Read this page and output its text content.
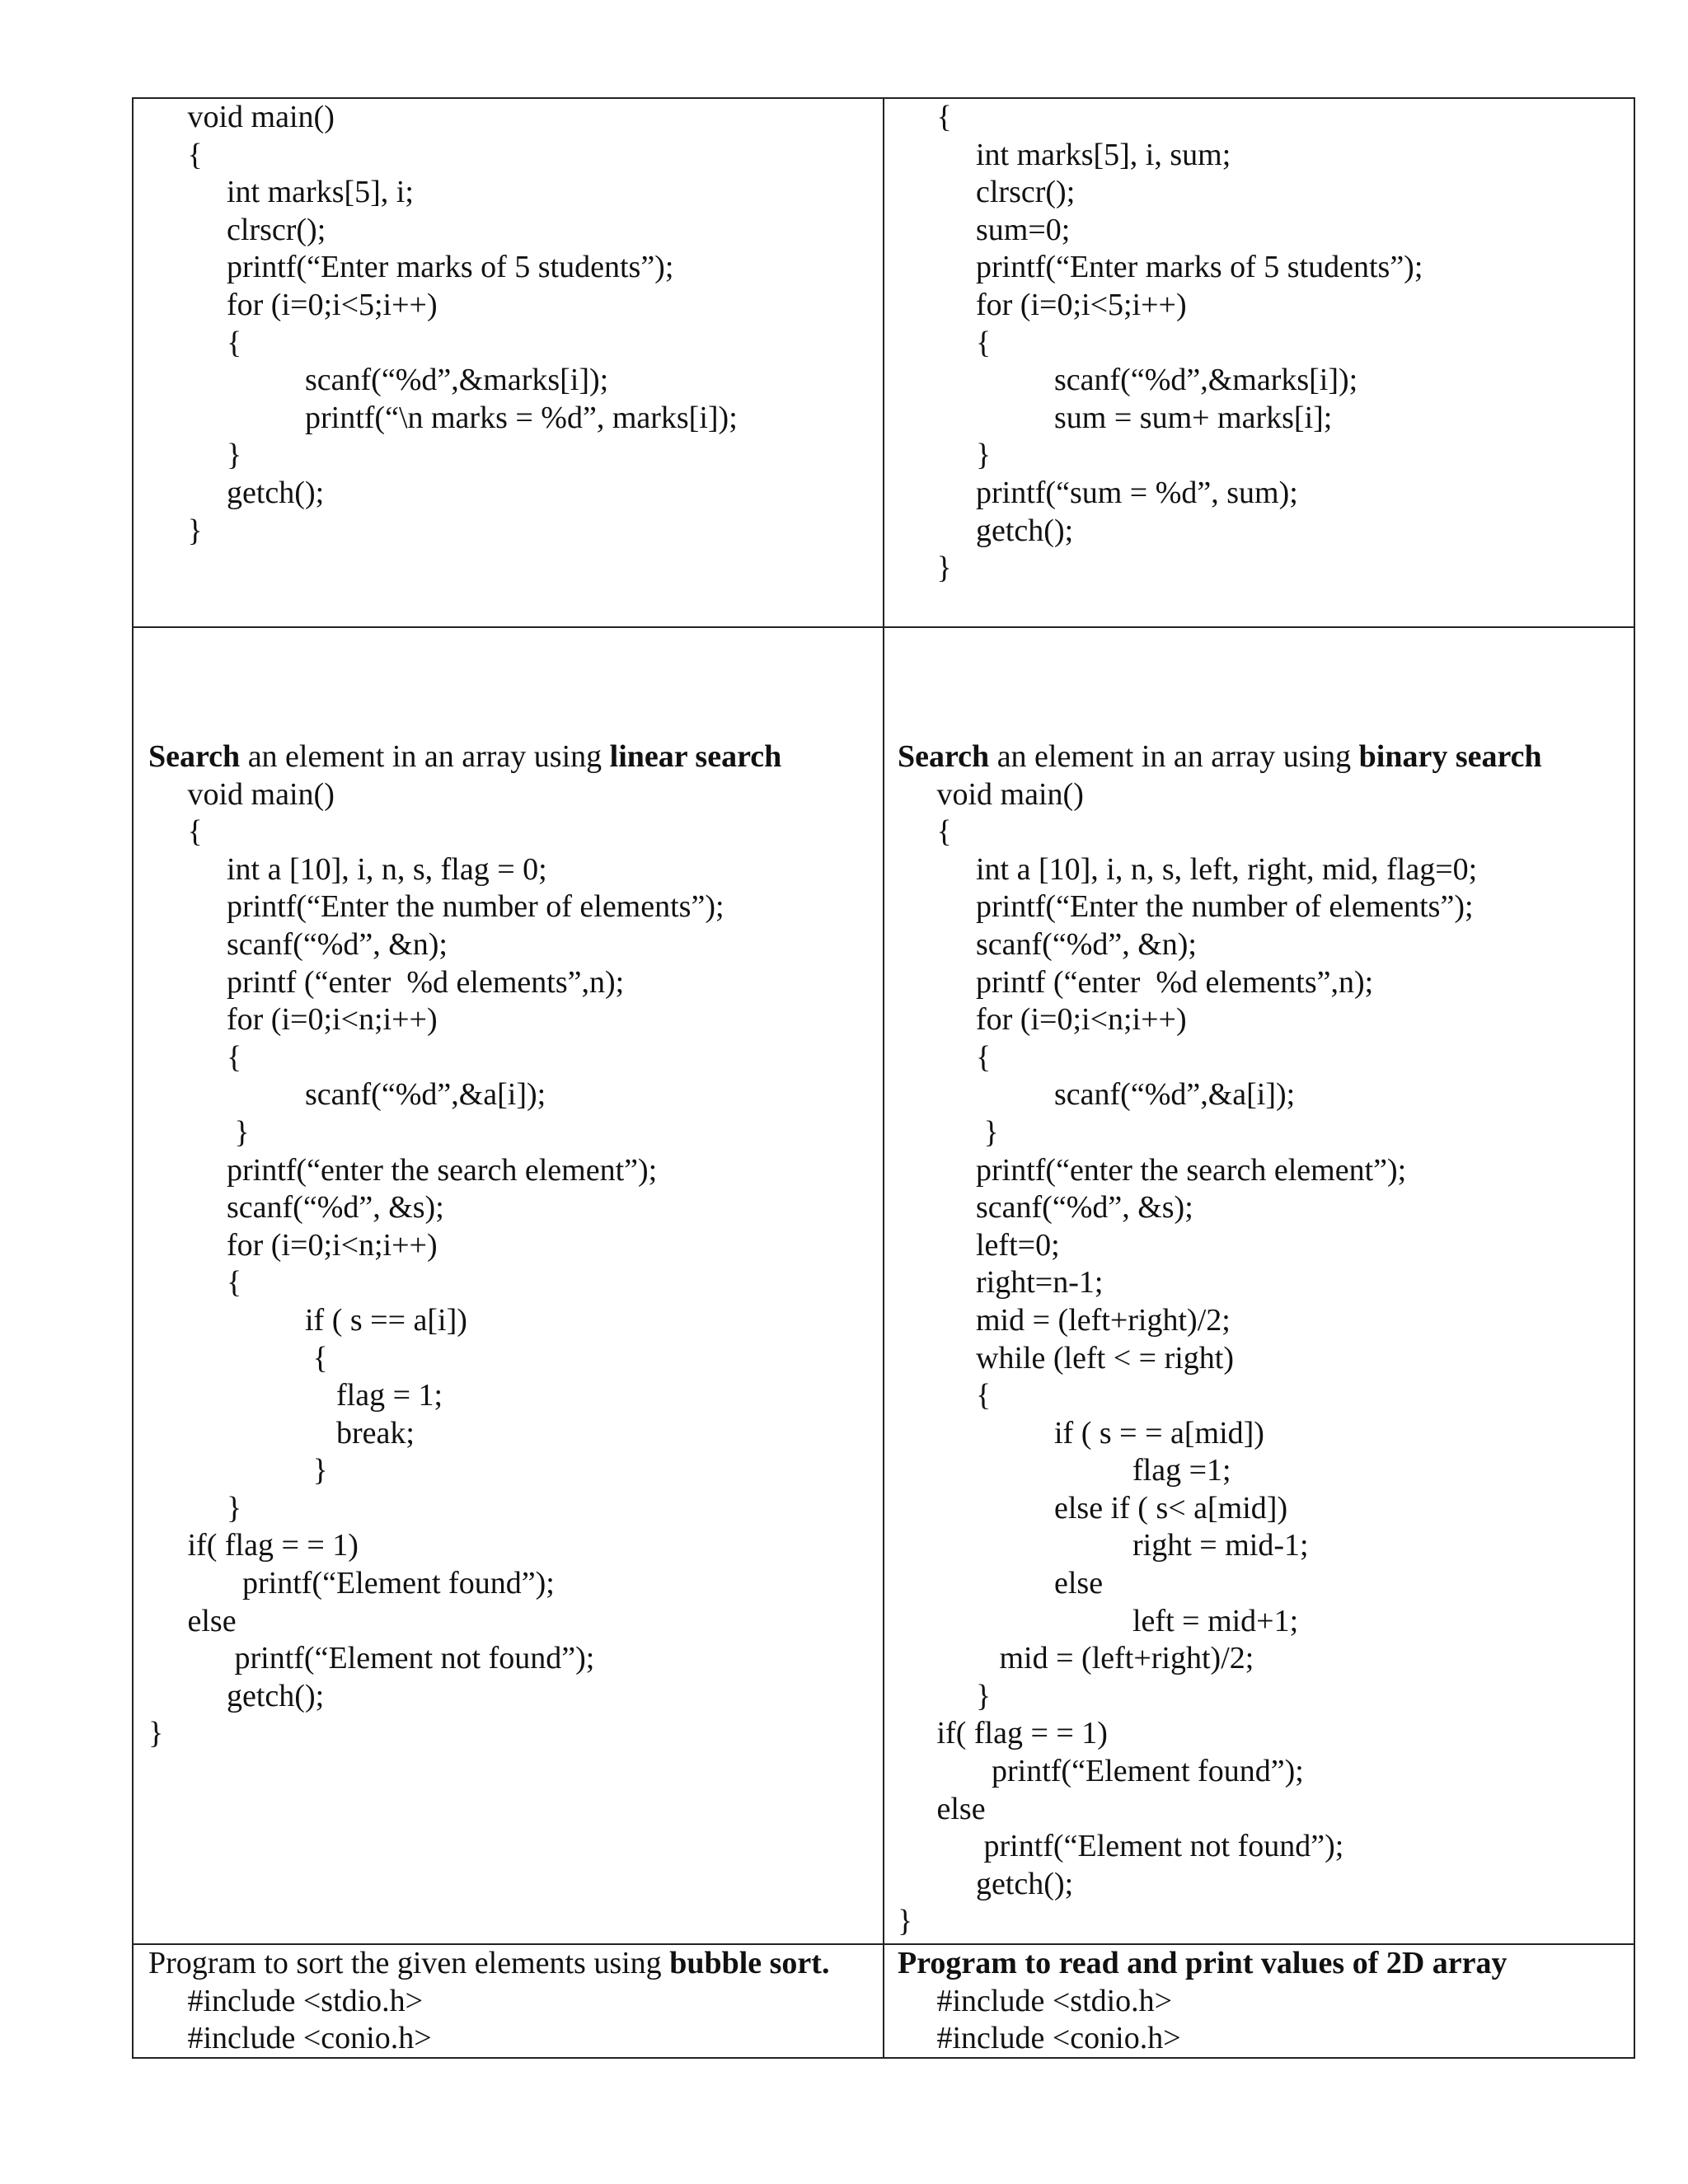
void main()
{
int marks[5], i;
clrscr();
printf(“Enter marks of 5 students”);
for (i=0;i<5;i++)
{
scanf(“%d”,&marks[i]);
printf(“\n marks = %d”, marks[i]);
}
getch();
}
{
int marks[5], i, sum;
clrscr();
sum=0;
printf(“Enter marks of 5 students”);
for (i=0;i<5;i++)
{
scanf(“%d”,&marks[i]);
sum = sum+ marks[i];
}
printf(“sum = %d”, sum);
getch();
}
Search an element in an array using linear search
void main()
{
int a [10], i, n, s, flag = 0;
printf(“Enter the number of elements”);
scanf(“%d”, &n);
printf (“enter  %d elements”,n);
for (i=0;i<n;i++)
{
scanf(“%d”,&a[i]);
}
printf(“enter the search element”);
scanf(“%d”, &s);
for (i=0;i<n;i++)
{
if ( s == a[i])
{
flag = 1;
break;
}
}
if( flag = = 1)
printf(“Element found”);
else
printf(“Element not found”);
getch();
}
Search an element in an array using binary search
void main()
{
int a [10], i, n, s, left, right, mid, flag=0;
printf(“Enter the number of elements”);
scanf(“%d”, &n);
printf (“enter  %d elements”,n);
for (i=0;i<n;i++)
{
scanf(“%d”,&a[i]);
}
printf(“enter the search element”);
scanf(“%d”, &s);
left=0;
right=n-1;
mid = (left+right)/2;
while (left < = right)
{
if ( s = = a[mid])
flag =1;
else if ( s< a[mid])
right = mid-1;
else
left = mid+1;
mid = (left+right)/2;
}
if( flag = = 1)
printf(“Element found”);
else
printf(“Element not found”);
getch();
}
Program to sort the given elements using bubble sort.
#include <stdio.h>
#include <conio.h>
Program to read and print values of 2D array
#include <stdio.h>
#include <conio.h>
